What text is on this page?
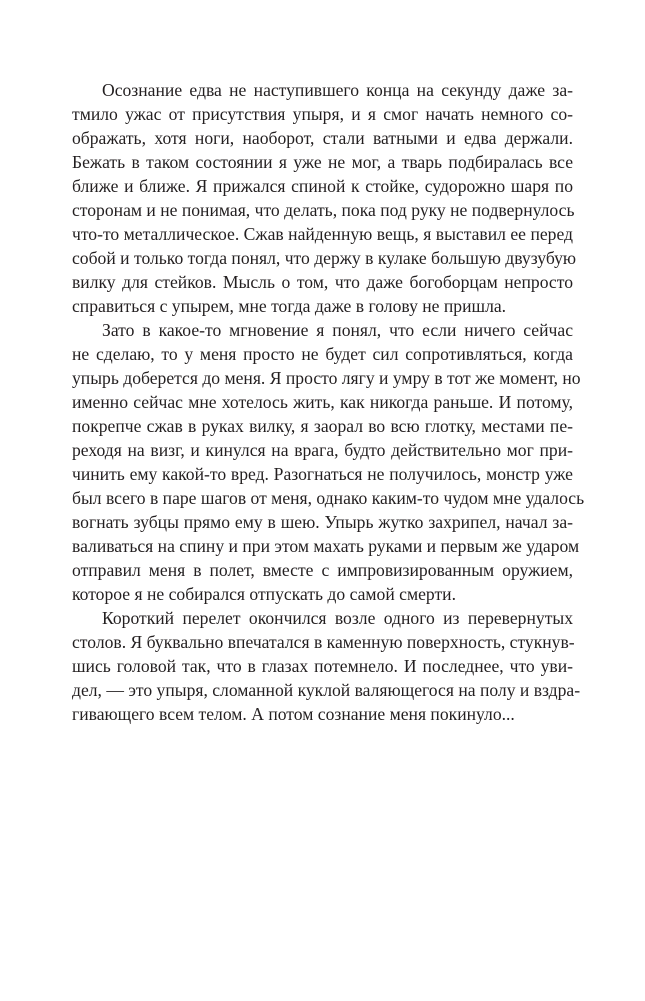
Осознание едва не наступившего конца на секунду даже за-
тмило ужас от присутствия упыря, и я смог начать немного со-
ображать, хотя ноги, наоборот, стали ватными и едва держали.
Бежать в таком состоянии я уже не мог, а тварь подбиралась все
ближе и ближе. Я прижался спиной к стойке, судорожно шаря по
сторонам и не понимая, что делать, пока под руку не подвернулось
что-то металлическое. Сжав найденную вещь, я выставил ее перед
собой и только тогда понял, что держу в кулаке большую двузубую
вилку для стейков. Мысль о том, что даже богоборцам непросто
справиться с упырем, мне тогда даже в голову не пришла.

Зато в какое-то мгновение я понял, что если ничего сейчас
не сделаю, то у меня просто не будет сил сопротивляться, когда
упырь доберется до меня. Я просто лягу и умру в тот же момент, но
именно сейчас мне хотелось жить, как никогда раньше. И потому,
покрепче сжав в руках вилку, я заорал во всю глотку, местами пе-
реходя на визг, и кинулся на врага, будто действительно мог при-
чинить ему какой-то вред. Разогнаться не получилось, монстр уже
был всего в паре шагов от меня, однако каким-то чудом мне удалось
вогнать зубцы прямо ему в шею. Упырь жутко захрипел, начал за-
валиваться на спину и при этом махать руками и первым же ударом
отправил меня в полет, вместе с импровизированным оружием,
которое я не собирался отпускать до самой смерти.

Короткий перелет окончился возле одного из перевернутых
столов. Я буквально впечатался в каменную поверхность, стукнув-
шись головой так, что в глазах потемнело. И последнее, что уви-
дел, — это упыря, сломанной куклой валяющегося на полу и вздра-
гивающего всем телом. А потом сознание меня покинуло...
